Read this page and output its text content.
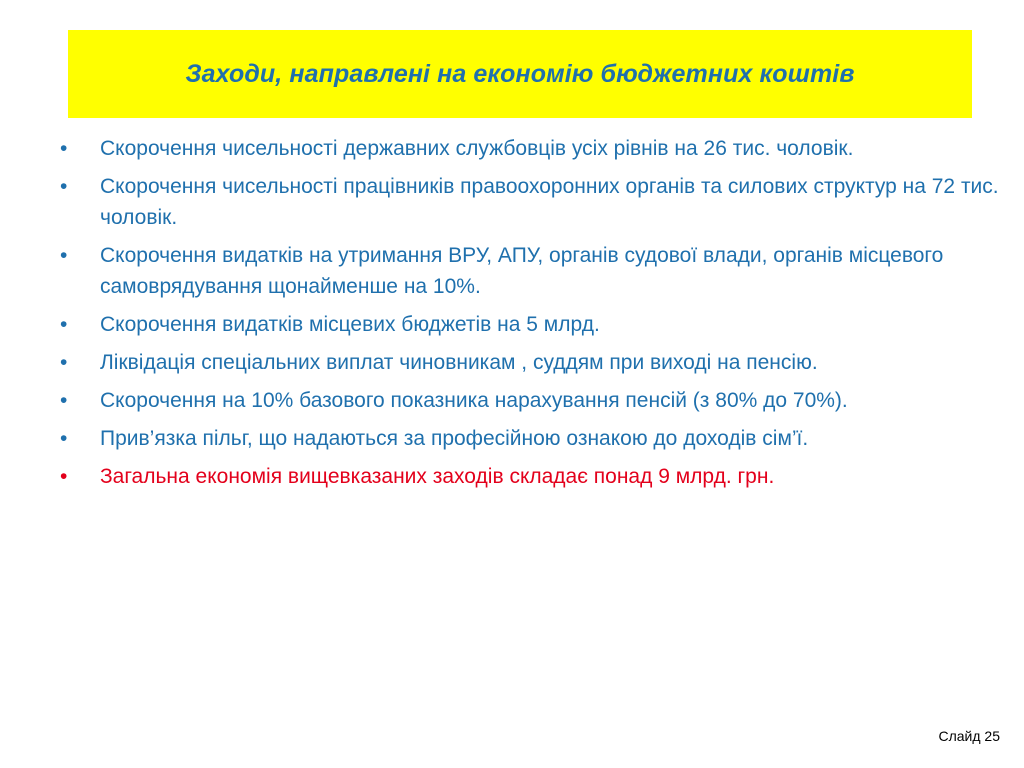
Заходи, направлені на економію бюджетних коштів
•	Скорочення чисельності державних службовців усіх рівнів на 26 тис. чоловік.
•	Скорочення чисельності працівників правоохоронних органів та силових структур на 72 тис. чоловік.
•	Скорочення видатків на утримання ВРУ, АПУ, органів судової влади, органів місцевого самоврядування щонайменше на 10%.
•	Скорочення видатків місцевих бюджетів на 5 млрд.
•	Ліквідація спеціальних виплат чиновникам , суддям при виході на пенсію.
•	Скорочення на 10% базового показника нарахування пенсій (з 80% до 70%).
•	Прив’язка пільг, що надаються за професійною ознакою до доходів сім’ї.
•	Загальна економія вищевказаних заходів складає понад 9 млрд. грн.
Слайд 25
